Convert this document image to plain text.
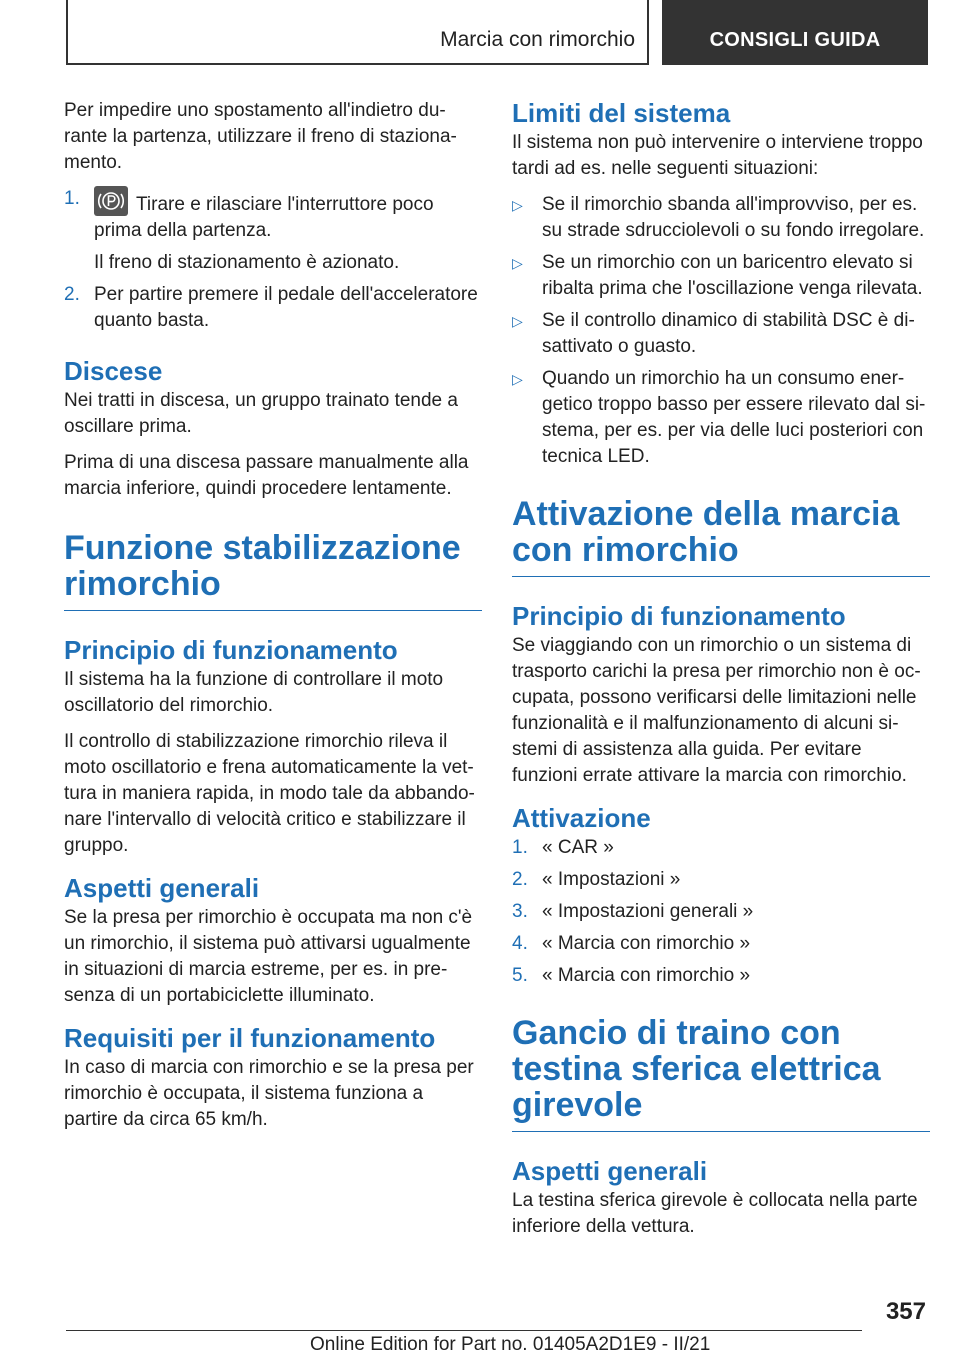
Marcia con rimorchio	CONSIGLI GUIDA

Per impedire uno spostamento all'indietro du- rante la partenza, utilizzare il freno di staziona- mento.

1.	Tirare e rilasciare l'interruttore poco prima della partenza.
Il freno di stazionamento è azionato.
2. Per partire premere il pedale dell'acceleratore quanto basta.
Discese

Nei tratti in discesa, un gruppo trainato tende a oscillare prima.

Prima di una discesa passare manualmente alla marcia inferiore, quindi procedere lentamente.

Funzione stabilizzazione rimorchio
Principio di funzionamento

Il sistema ha la funzione di controllare il moto oscillatorio del rimorchio.

Il controllo di stabilizzazione rimorchio rileva il moto oscillatorio e frena automaticamente la vet- tura in maniera rapida, in modo tale da abbando- nare l'intervallo di velocità critico e stabilizzare il gruppo.

Aspetti generali

Se la presa per rimorchio è occupata ma non c'è un rimorchio, il sistema può attivarsi ugualmente in situazioni di marcia estreme, per es. in pre- senza di un portabiciclette illuminato.

Requisiti per il funzionamento

In caso di marcia con rimorchio e se la presa per rimorchio è occupata, il sistema funziona a partire da circa 65 km/h.

Limiti del sistema

Il sistema non può intervenire o interviene troppo tardi ad es. nelle seguenti situazioni:

▷ Se il rimorchio sbanda all'improvviso, per es. su strade sdrucciolevoli o su fondo irregolare.
▷ Se un rimorchio con un baricentro elevato si ribalta prima che l'oscillazione venga rilevata.
▷ Se il controllo dinamico di stabilità DSC è di- sattivato o guasto.
▷ Quando un rimorchio ha un consumo ener- getico troppo basso per essere rilevato dal si- stema, per es. per via delle luci posteriori con tecnica LED.
Attivazione della marcia con rimorchio
Principio di funzionamento

Se viaggiando con un rimorchio o un sistema di trasporto carichi la presa per rimorchio non è oc- cupata, possono verificarsi delle limitazioni nelle funzionalità e il malfunzionamento di alcuni si- stemi di assistenza alla guida. Per evitare funzioni errate attivare la marcia con rimorchio.

Attivazione
1. « CAR »
2. « Impostazioni »
3. « Impostazioni generali »
4. « Marcia con rimorchio »
5. « Marcia con rimorchio »
Gancio di traino con testina sferica elettrica girevole
Aspetti generali

La testina sferica girevole è collocata nella parte inferiore della vettura.

357
Online Edition for Part no. 01405A2D1E9 - II/21
